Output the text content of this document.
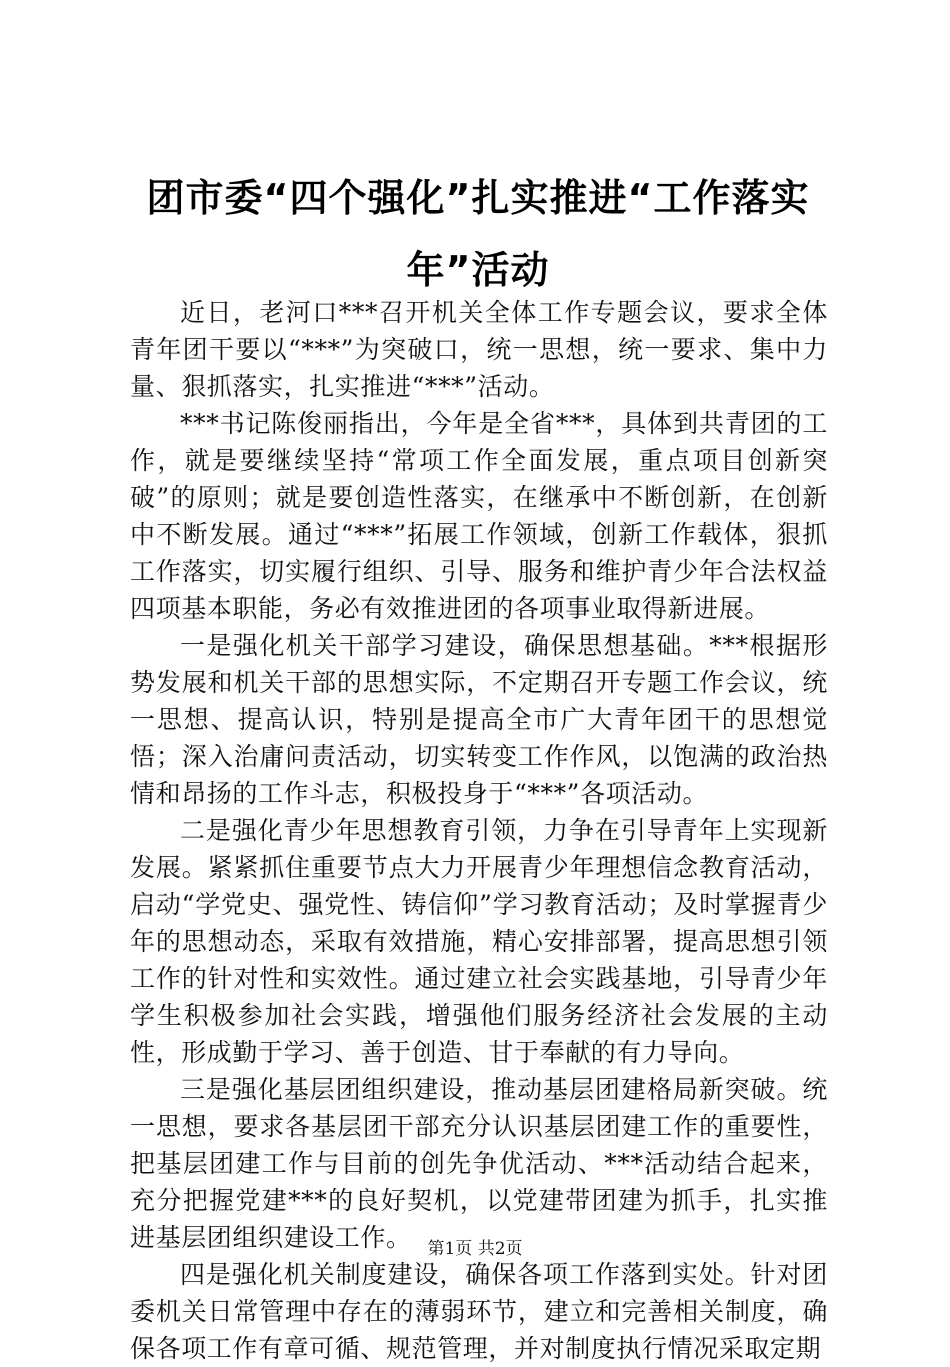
团市委“四个强化”扎实推进“工作落实年”活动

近日，老河口***召开机关全体工作专题会议，要求全体青年团干要以“***”为突破口，统一思想，统一要求、集中力量、狠抓落实，扎实推进“***”活动。

***书记陈俊丽指出，今年是全省***，具体到共青团的工作，就是要继续坚持“常项工作全面发展，重点项目创新突破”的原则；就是要创造性落实，在继承中不断创新，在创新中不断发展。通过“***”拓展工作领域，创新工作载体，狠抓工作落实，切实履行组织、引导、服务和维护青少年合法权益四项基本职能，务必有效推进团的各项事业取得新进展。

一是强化机关干部学习建设，确保思想基础。***根据形势发展和机关干部的思想实际，不定期召开专题工作会议，统一思想、提高认识，特别是提高全市广大青年团干的思想觉悟；深入治庸问责活动，切实转变工作作风，以饱满的政治热情和昂扬的工作斗志，积极投身于“***”各项活动。

二是强化青少年思想教育引领，力争在引导青年上实现新发展。紧紧抓住重要节点大力开展青少年理想信念教育活动，启动“学党史、强党性、铸信仰”学习教育活动；及时掌握青少年的思想动态，采取有效措施，精心安排部署，提高思想引领工作的针对性和实效性。通过建立社会实践基地，引导青少年学生积极参加社会实践，增强他们服务经济社会发展的主动性，形成勤于学习、善于创造、甘于奉献的有力导向。

三是强化基层团组织建设，推动基层团建格局新突破。统一思想，要求各基层团干部充分认识基层团建工作的重要性，把基层团建工作与目前的创先争优活动、***活动结合起来，充分把握党建***的良好契机，以党建带团建为抓手，扎实推进基层团组织建设工作。

四是强化机关制度建设，确保各项工作落到实处。针对团委机关日常管理中存在的薄弱环节，建立和完善相关制度，确保各项工作有章可循、规范管理，并对制度执行情况采取定期

第1页 共2页
